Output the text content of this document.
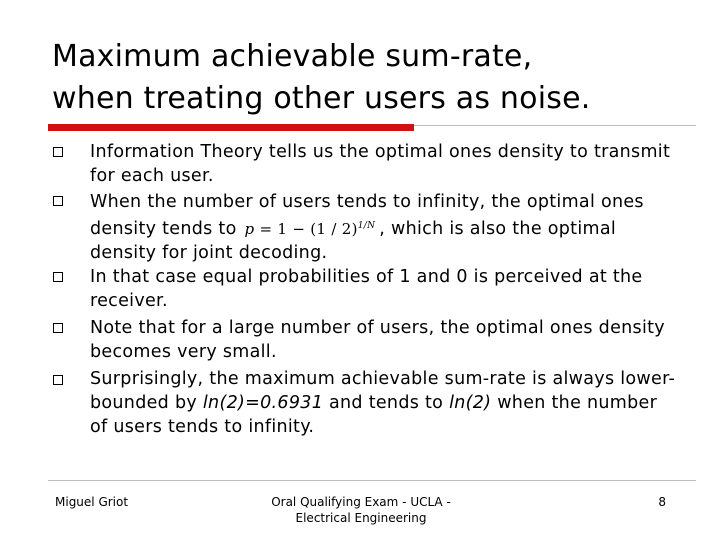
Maximum achievable sum-rate,
when treating other users as noise.
Information Theory tells us the optimal ones density to transmit for each user.
When the number of users tends to infinity, the optimal ones density tends to p = 1 − (1 / 2)$^{1/N}$ , which is also the optimal density for joint decoding.
In that case equal probabilities of 1 and 0 is perceived at the receiver.
Note that for a large number of users, the optimal ones density becomes very small.
Surprisingly, the maximum achievable sum-rate is always lower-bounded by ln(2)=0.6931 and tends to ln(2) when the number of users tends to infinity.
Miguel Griot	Oral Qualifying Exam - UCLA - Electrical Engineering
8
